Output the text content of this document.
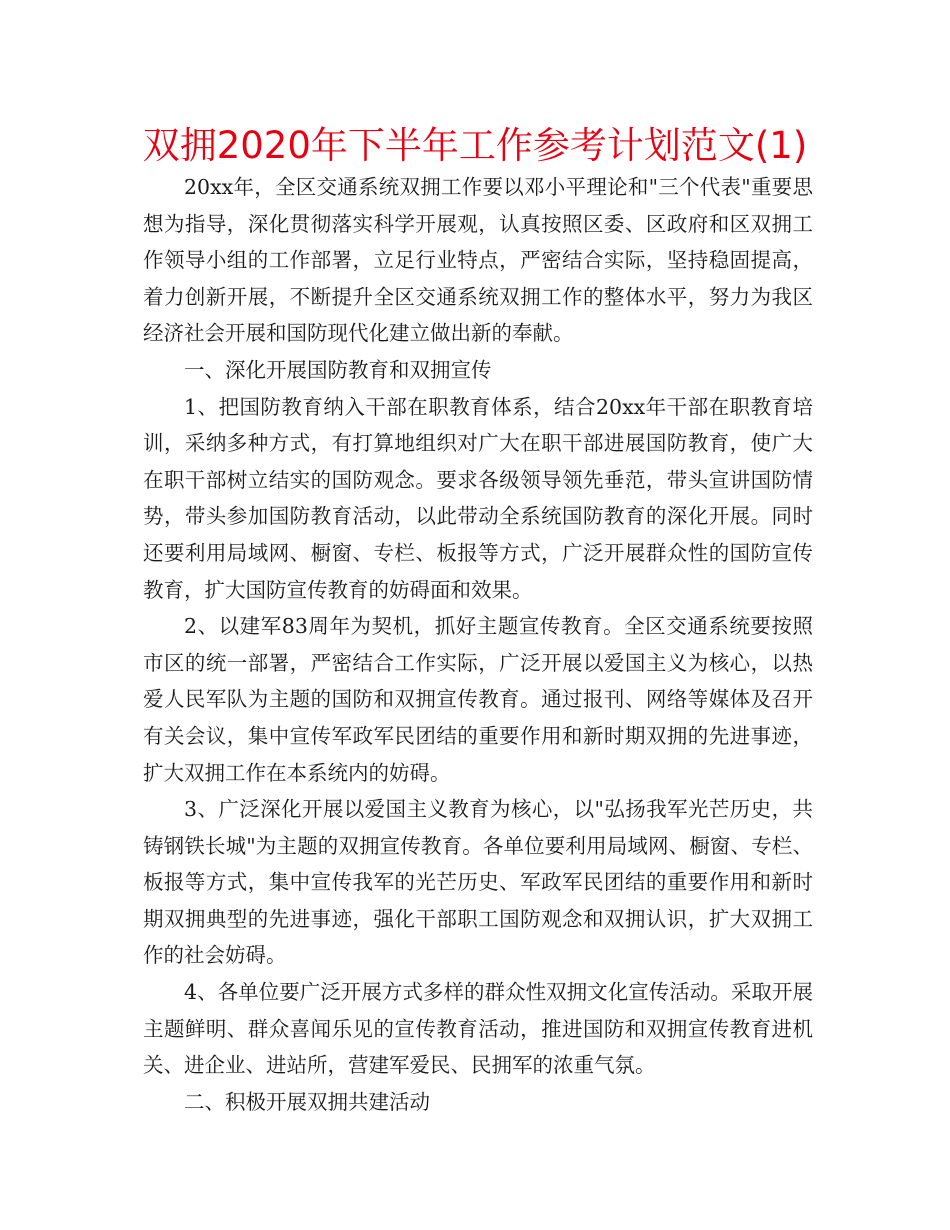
双拥2020年下半年工作参考计划范文(1)

20xx年，全区交通系统双拥工作要以邓小平理论和"三个代表"重要思想为指导，深化贯彻落实科学开展观，认真按照区委、区政府和区双拥工作领导小组的工作部署，立足行业特点，严密结合实际，坚持稳固提高，着力创新开展，不断提升全区交通系统双拥工作的整体水平，努力为我区经济社会开展和国防现代化建立做出新的奉献。

一、深化开展国防教育和双拥宣传

1、把国防教育纳入干部在职教育体系，结合20xx年干部在职教育培训，采纳多种方式，有打算地组织对广大在职干部进展国防教育，使广大在职干部树立结实的国防观念。要求各级领导领先垂范，带头宣讲国防情势，带头参加国防教育活动，以此带动全系统国防教育的深化开展。同时还要利用局域网、橱窗、专栏、板报等方式，广泛开展群众性的国防宣传教育，扩大国防宣传教育的妨碍面和效果。

2、以建军83周年为契机，抓好主题宣传教育。全区交通系统要按照市区的统一部署，严密结合工作实际，广泛开展以爱国主义为核心，以热爱人民军队为主题的国防和双拥宣传教育。通过报刊、网络等媒体及召开有关会议，集中宣传军政军民团结的重要作用和新时期双拥的先进事迹，扩大双拥工作在本系统内的妨碍。

3、广泛深化开展以爱国主义教育为核心，以"弘扬我军光芒历史，共铸钢铁长城"为主题的双拥宣传教育。各单位要利用局域网、橱窗、专栏、板报等方式，集中宣传我军的光芒历史、军政军民团结的重要作用和新时期双拥典型的先进事迹，强化干部职工国防观念和双拥认识，扩大双拥工作的社会妨碍。

4、各单位要广泛开展方式多样的群众性双拥文化宣传活动。采取开展主题鲜明、群众喜闻乐见的宣传教育活动，推进国防和双拥宣传教育进机关、进企业、进站所，营建军爱民、民拥军的浓重气氛。

二、积极开展双拥共建活动
